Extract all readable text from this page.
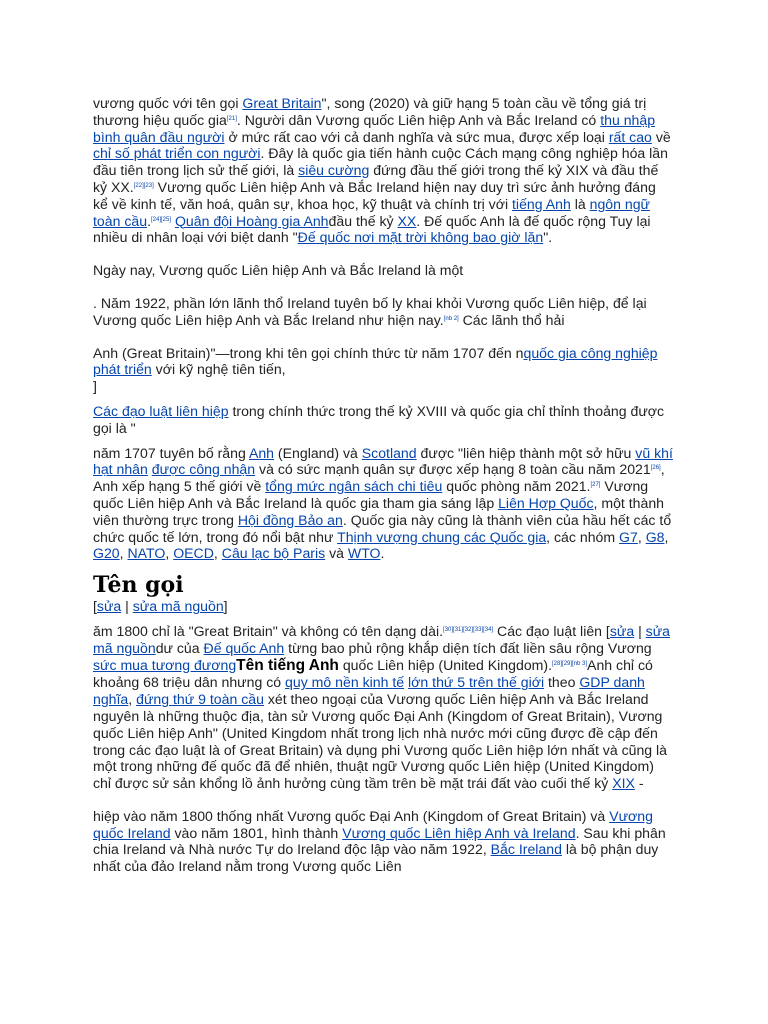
vương quốc với tên gọi Great Britain", song (2020) và giữ hạng 5 toàn cầu về tổng giá trị thương hiệu quốc gia[21]. Người dân Vương quốc Liên hiệp Anh và Bắc Ireland có thu nhập bình quân đầu người ở mức rất cao với cả danh nghĩa và sức mua, được xếp loại rất cao về chỉ số phát triển con người. Đây là quốc gia tiến hành cuộc Cách mạng công nghiệp hóa lần đầu tiên trong lịch sử thế giới, là siêu cường đứng đầu thế giới trong thế kỷ XIX và đầu thế kỷ XX.[22][23] Vương quốc Liên hiệp Anh và Bắc Ireland hiện nay duy trì sức ảnh hưởng đáng kể về kinh tế, văn hoá, quân sự, khoa học, kỹ thuật và chính trị với tiếng Anh là ngôn ngữ toàn cầu.[24][25] Quân đội Hoàng gia Anhđầu thế kỷ XX. Đế quốc Anh là đế quốc rộng Tuy lại nhiều di nhân loại với biệt danh "Đế quốc nơi mặt trời không bao giờ lặn".

Ngày nay, Vương quốc Liên hiệp Anh và Bắc Ireland là một

. Năm 1922, phần lớn lãnh thổ Ireland tuyên bố ly khai khỏi Vương quốc Liên hiệp, để lại Vương quốc Liên hiệp Anh và Bắc Ireland như hiện nay.[nb 2] Các lãnh thổ hải

Anh (Great Britain)"—trong khi tên gọi chính thức từ năm 1707 đến nquốc gia công nghiệp phát triển với kỹ nghệ tiên tiến,

]

Các đạo luật liên hiệp trong chính thức trong thế kỷ XVIII và quốc gia chỉ thỉnh thoảng được gọi là "

năm 1707 tuyên bố rằng Anh (England) và Scotland được "liên hiệp thành một sở hữu vũ khí hạt nhân được công nhận và có sức mạnh quân sự được xếp hạng 8 toàn cầu năm 2021[26], Anh xếp hạng 5 thế giới về tổng mức ngân sách chi tiêu quốc phòng năm 2021.[27] Vương quốc Liên hiệp Anh và Bắc Ireland là quốc gia tham gia sáng lập Liên Hợp Quốc, một thành viên thường trực trong Hội đồng Bảo an. Quốc gia này cũng là thành viên của hầu hết các tổ chức quốc tế lớn, trong đó nổi bật như Thịnh vượng chung các Quốc gia, các nhóm G7, G8, G20, NATO, OECD, Câu lạc bộ Paris và WTO.

Tên gọi

[sửa | sửa mã nguồn]

ăm 1800 chỉ là "Great Britain" và không có tên dạng dài.[30][31][32][33][34] Các đạo luật liên [sửa | sửa mã nguồndư của Đế quốc Anh từng bao phủ rộng khắp diện tích đất liền sâu rộng Vương sức mua tương đươngTên tiếng Anh quốc Liên hiệp (United Kingdom).[28][29][nb 3]Anh chỉ có khoảng 68 triệu dân nhưng có quy mô nền kinh tế lớn thứ 5 trên thế giới theo GDP danh nghĩa, đứng thứ 9 toàn cầu xét theo ngoại của Vương quốc Liên hiệp Anh và Bắc Ireland nguyên là những thuộc địa, tàn sử Vương quốc Đại Anh (Kingdom of Great Britain), Vương quốc Liên hiệp Anh" (United Kingdom nhất trong lịch nhà nước mới cũng được đề cập đến trong các đạo luật là of Great Britain) và dụng phi Vương quốc Liên hiệp lớn nhất và cũng là một trong những đế quốc đã để nhiên, thuật ngữ Vương quốc Liên hiệp (United Kingdom) chỉ được sử sản khổng lồ ảnh hưởng cùng tầm trên bề mặt trái đất vào cuối thế kỷ XIX -

hiệp vào năm 1800 thống nhất Vương quốc Đại Anh (Kingdom of Great Britain) và Vương quốc Ireland vào năm 1801, hình thành Vương quốc Liên hiệp Anh và Ireland. Sau khi phân chia Ireland và Nhà nước Tự do Ireland độc lập vào năm 1922, Bắc Ireland là bộ phận duy nhất của đảo Ireland nằm trong Vương quốc Liên
